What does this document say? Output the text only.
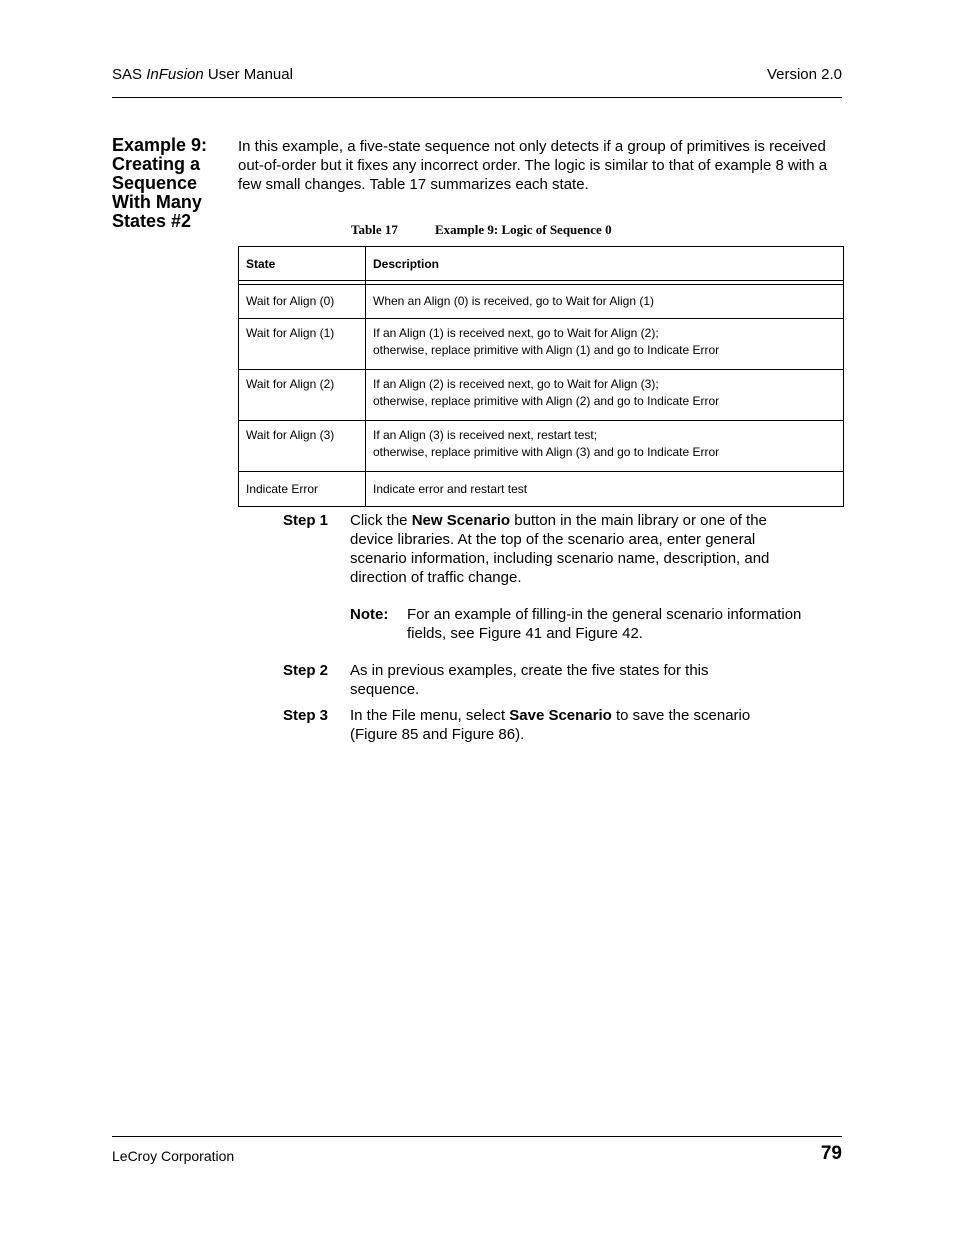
SAS InFusion User Manual	Version 2.0
Example 9:
Creating a
Sequence
With Many
States #2
In this example, a five-state sequence not only detects if a group of primitives is received out-of-order but it fixes any incorrect order. The logic is similar to that of example 8 with a few small changes. Table 17 summarizes each state.
Table 17	Example 9: Logic of Sequence 0
State	Description

Wait for Align (0)	When an Align (0) is received, go to Wait for Align (1)

Wait for Align (1)	If an Align (1) is received next, go to Wait for Align (2);
otherwise, replace primitive with Align (1) and go to Indicate Error

Wait for Align (2)	If an Align (2) is received next, go to Wait for Align (3);
otherwise, replace primitive with Align (2) and go to Indicate Error

Wait for Align (3)	If an Align (3) is received next, restart test;
otherwise, replace primitive with Align (3) and go to Indicate Error

Indicate Error	Indicate error and restart test
Step 1 Click the New Scenario button in the main library or one of the device libraries. At the top of the scenario area, enter general scenario information, including scenario name, description, and direction of traffic change.
Note: For an example of filling-in the general scenario information fields, see Figure 41 and Figure 42.
Step 2 As in previous examples, create the five states for this sequence.
Step 3 In the File menu, select Save Scenario to save the scenario (Figure 85 and Figure 86).
LeCroy Corporation	79
